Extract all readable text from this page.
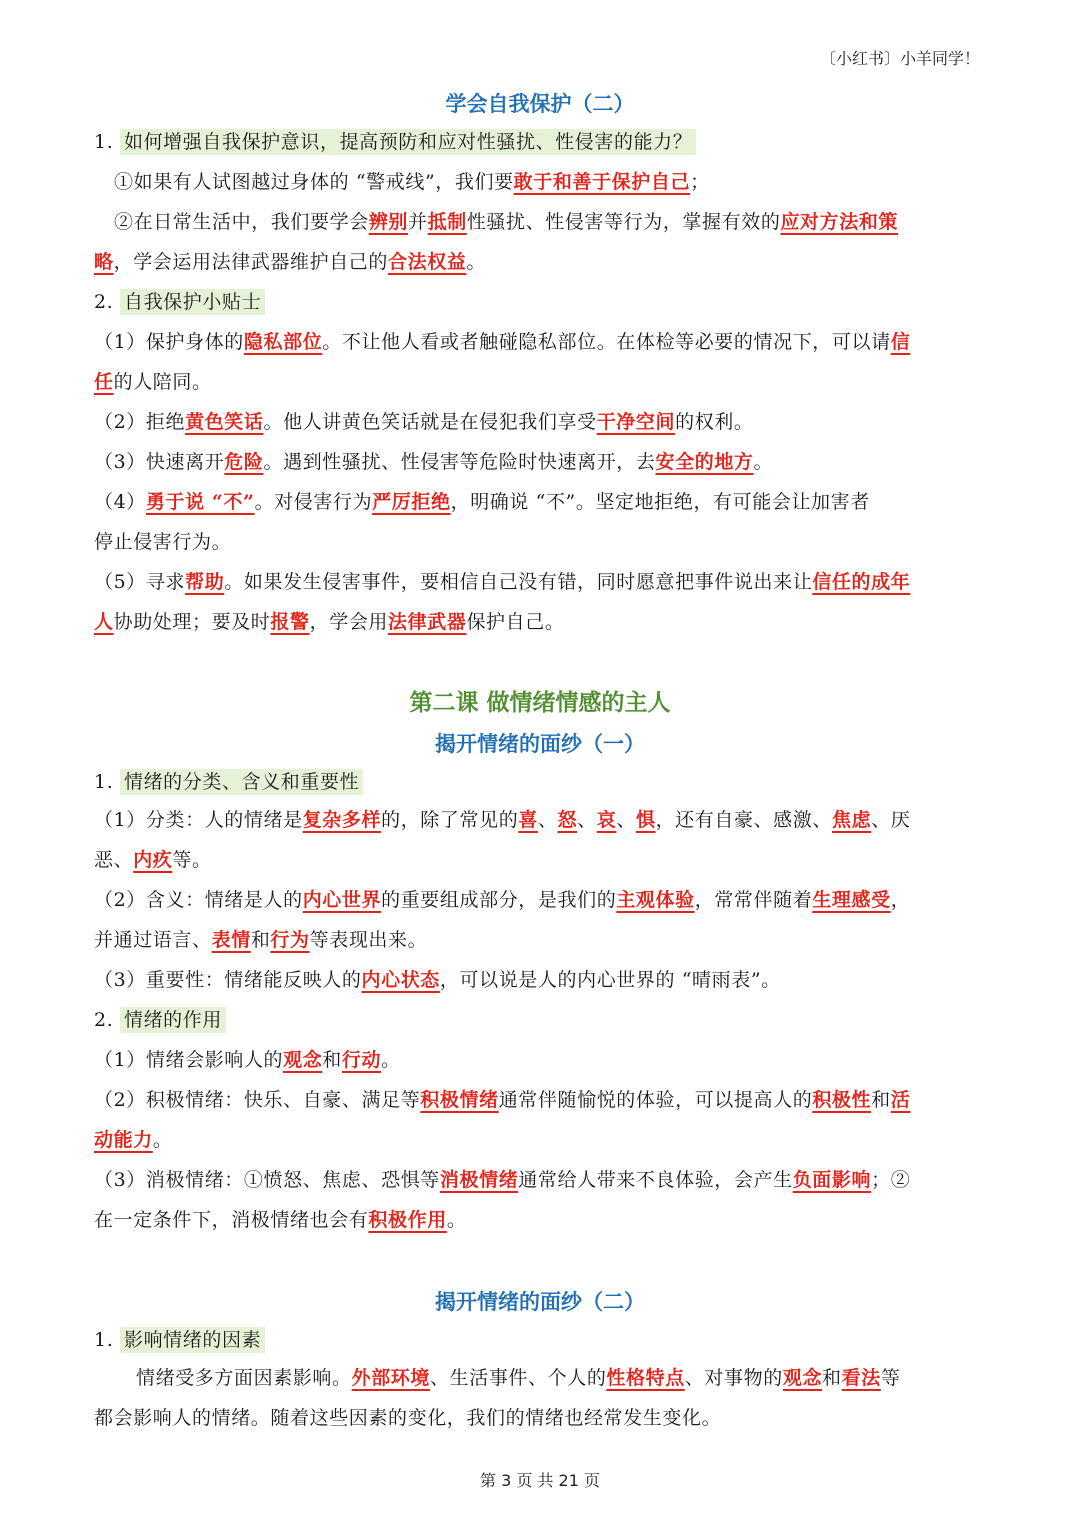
〔小红书〕小羊同学！
学会自我保护（二）
1. 如何增强自我保护意识，提高预防和应对性骚扰、性侵害的能力？
①如果有人试图越过身体的 “警戒线”，我们要敢于和善于保护自己；
②在日常生活中，我们要学会辨别并抵制性骚扰、性侵害等行为，掌握有效的应对方法和策
略，学会运用法律武器维护自己的合法权益。
2. 自我保护小贴士
（1）保护身体的隐私部位。不让他人看或者触碰隐私部位。在体检等必要的情况下，可以请信
任的人陪同。
（2）拒绝黄色笑话。他人讲黄色笑话就是在侵犯我们享受干净空间的权利。
（3）快速离开危险。遇到性骚扰、性侵害等危险时快速离开，去安全的地方。
（4）勇于说 “不”。对侵害行为严厉拒绝，明确说 “不”。坚定地拒绝，有可能会让加害者
停止侵害行为。
（5）寻求帮助。如果发生侵害事件，要相信自己没有错，同时愿意把事件说出来让信任的成年
人协助处理；要及时报警，学会用法律武器保护自己。
第二课 做情绪情感的主人
揭开情绪的面纱（一）
1. 情绪的分类、含义和重要性
（1）分类：人的情绪是复杂多样的，除了常见的喜、怒、哀、惧，还有自豪、感激、焦虑、厌
恶、内疚等。
（2）含义：情绪是人的内心世界的重要组成部分，是我们的主观体验，常常伴随着生理感受，
并通过语言、表情和行为等表现出来。
（3）重要性：情绪能反映人的内心状态，可以说是人的内心世界的 “晴雨表”。
2. 情绪的作用
（1）情绪会影响人的观念和行动。
（2）积极情绪：快乐、自豪、满足等积极情绪通常伴随愉悦的体验，可以提高人的积极性和活
动能力。
（3）消极情绪：①愤怒、焦虑、恐惧等消极情绪通常给人带来不良体验，会产生负面影响；②
在一定条件下，消极情绪也会有积极作用。
揭开情绪的面纱（二）
1. 影响情绪的因素
情绪受多方面因素影响。外部环境、生活事件、个人的性格特点、对事物的观念和看法等
都会影响人的情绪。随着这些因素的变化，我们的情绪也经常发生变化。
第 3 页 共 21 页
